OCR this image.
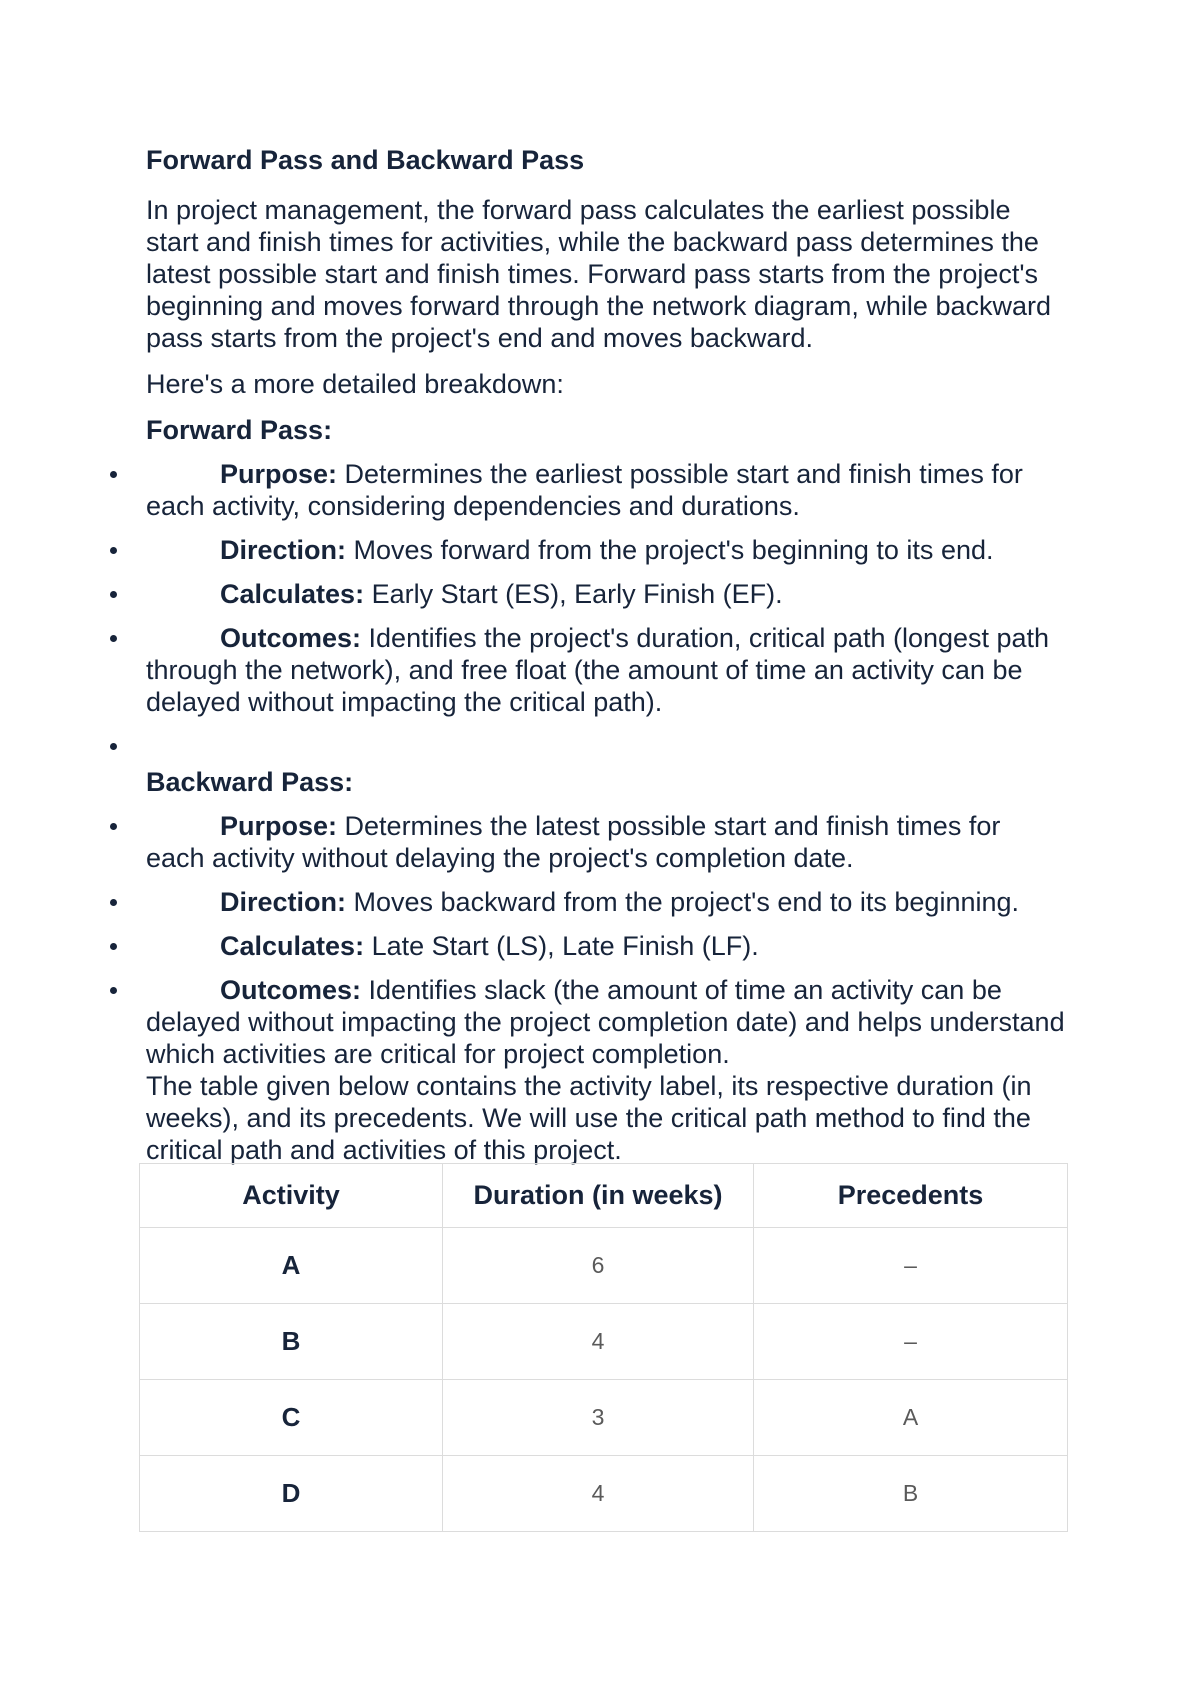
Forward Pass and Backward Pass

In project management, the forward pass calculates the earliest possible start and finish times for activities, while the backward pass determines the latest possible start and finish times. Forward pass starts from the project's beginning and moves forward through the network diagram, while backward pass starts from the project's end and moves backward.

Here's a more detailed breakdown:

Forward Pass:
Purpose: Determines the earliest possible start and finish times for each activity, considering dependencies and durations.
Direction: Moves forward from the project's beginning to its end.
Calculates: Early Start (ES), Early Finish (EF).
Outcomes: Identifies the project's duration, critical path (longest path through the network), and free float (the amount of time an activity can be delayed without impacting the critical path).
Backward Pass:
Purpose: Determines the latest possible start and finish times for each activity without delaying the project's completion date.
Direction: Moves backward from the project's end to its beginning.
Calculates: Late Start (LS), Late Finish (LF).
Outcomes: Identifies slack (the amount of time an activity can be delayed without impacting the project completion date) and helps understand which activities are critical for project completion.

The table given below contains the activity label, its respective duration (in weeks), and its precedents. We will use the critical path method to find the critical path and activities of this project.

Activity	Duration (in weeks)	Precedents
A	6	–
B	4	–
C	3	A
D	4	B
